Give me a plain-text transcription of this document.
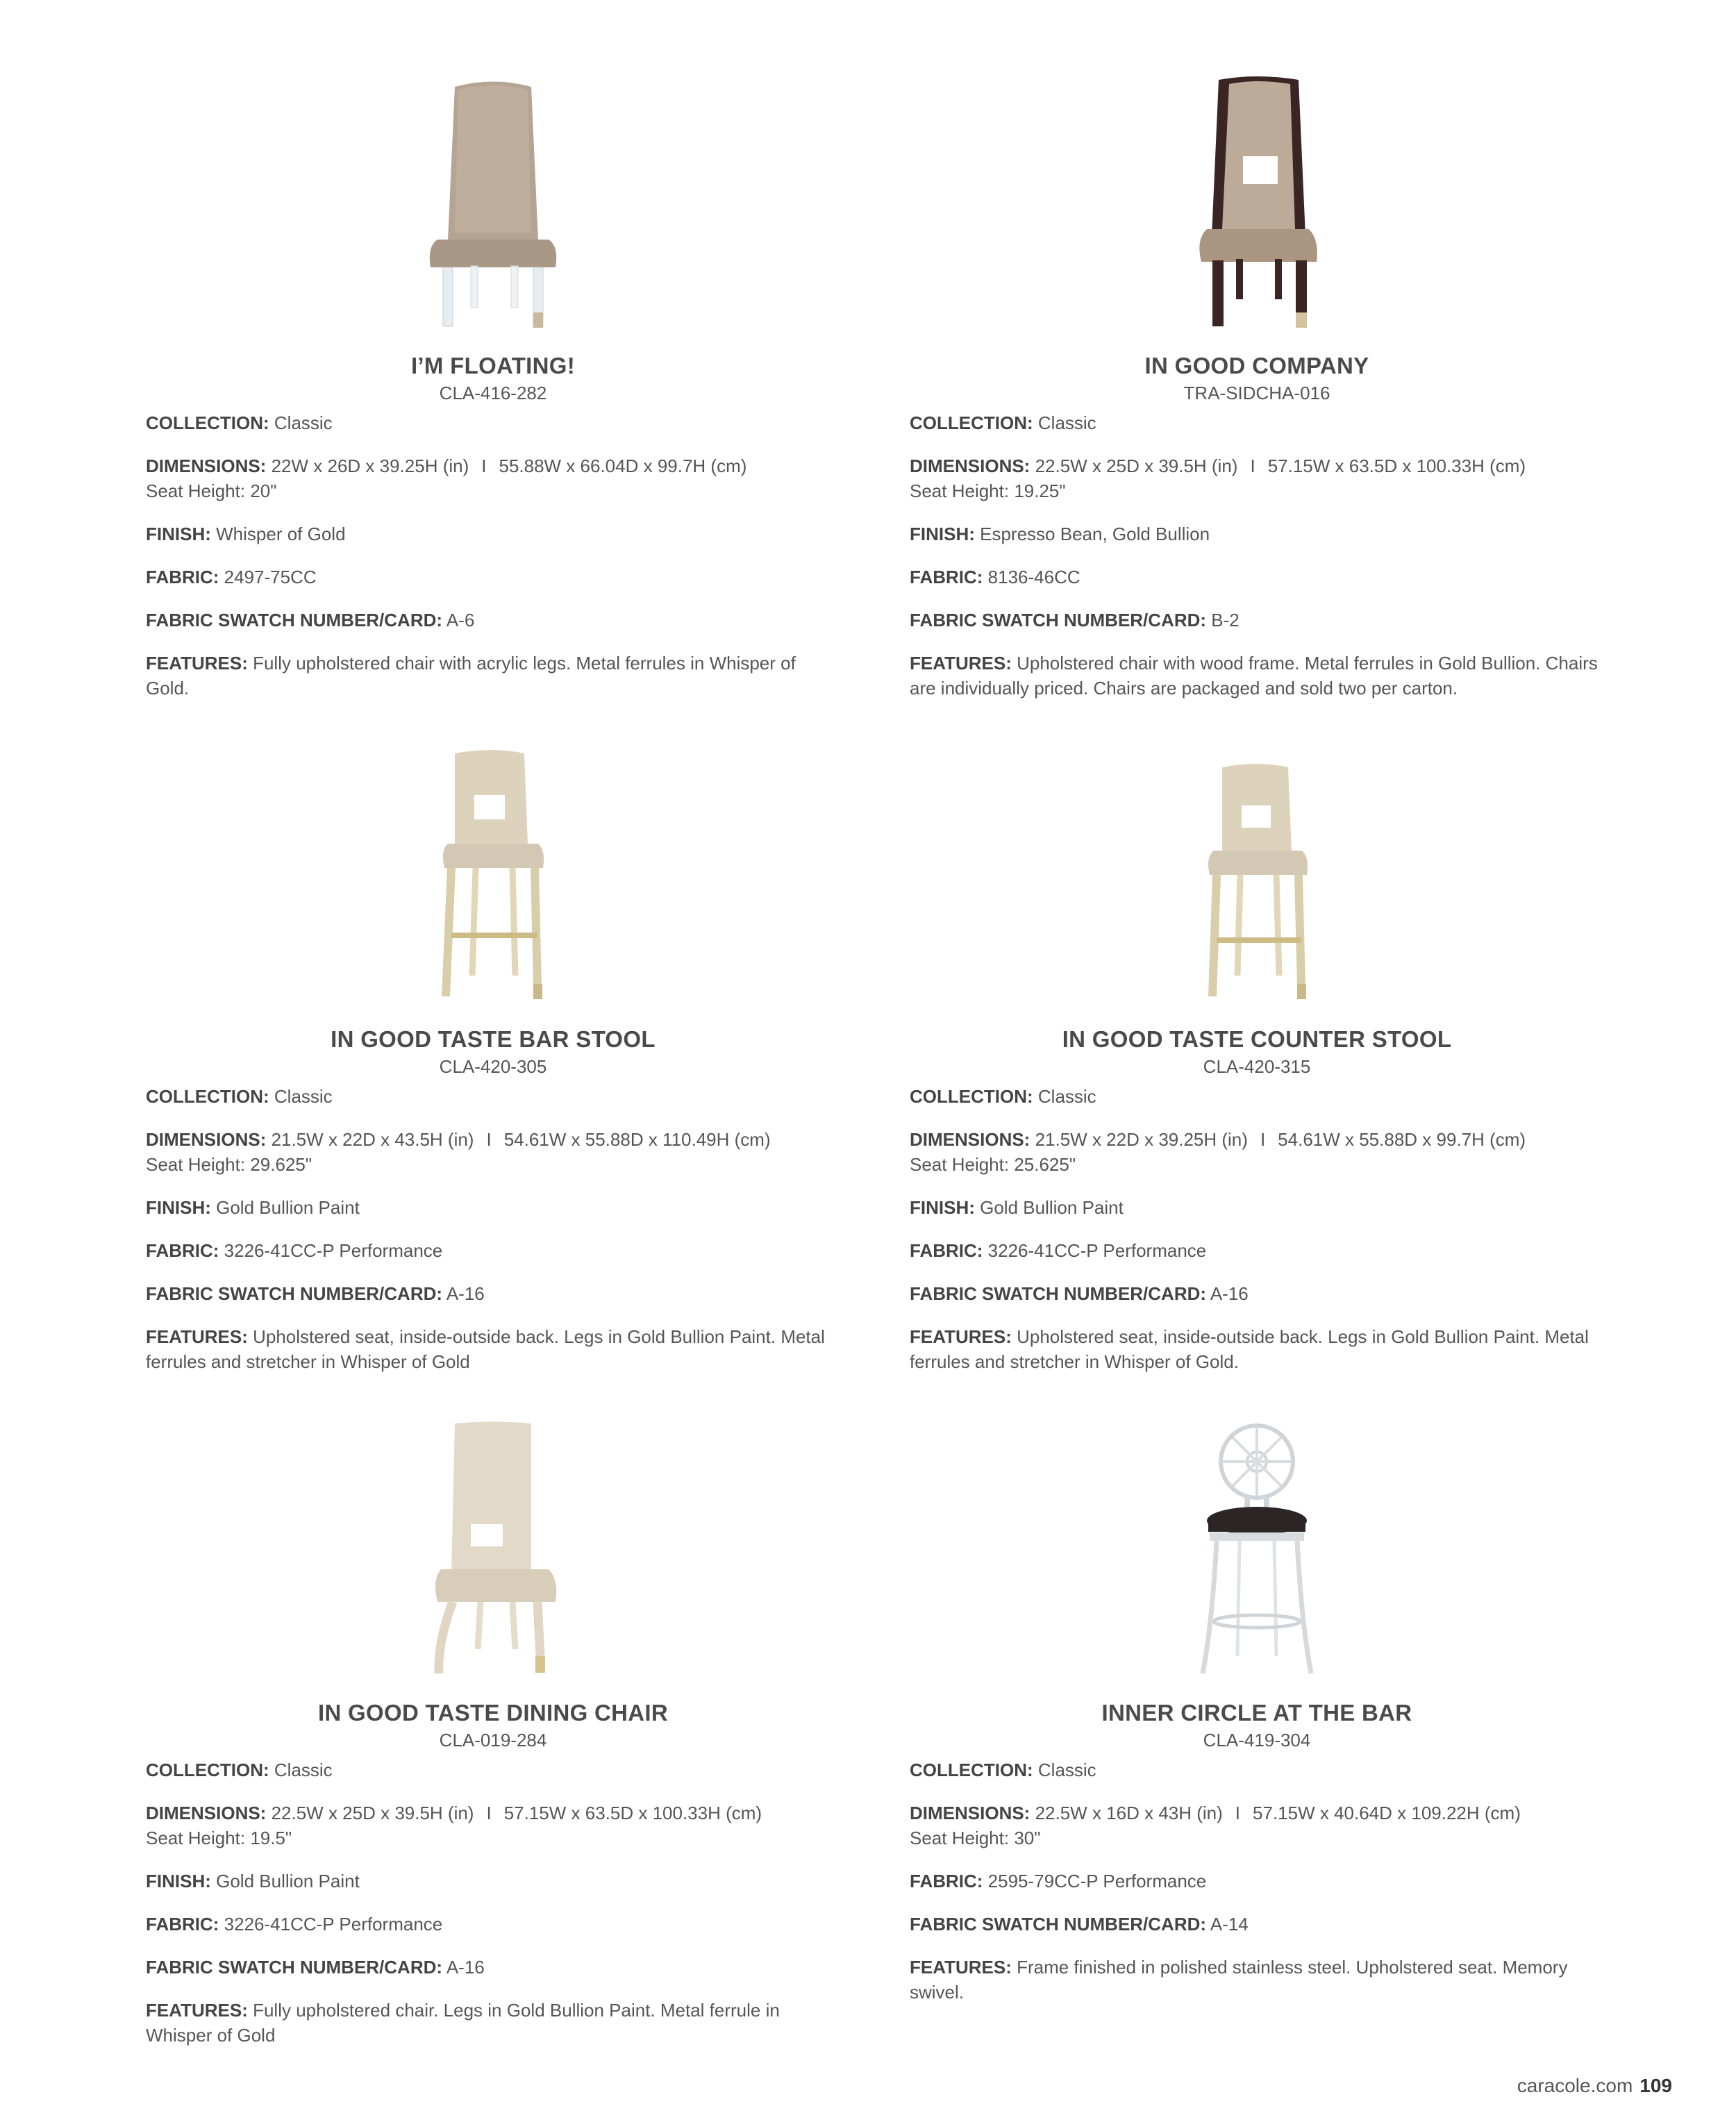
I’M FLOATING!
CLA-416-282
COLLECTION: Classic
DIMENSIONS: 22W x 26D x 39.25H (in) I 55.88W x 66.04D x 99.7H (cm)
Seat Height: 20"
FINISH: Whisper of Gold
FABRIC: 2497-75CC
FABRIC SWATCH NUMBER/CARD: A-6
FEATURES: Fully upholstered chair with acrylic legs. Metal ferrules in Whisper of Gold.
IN GOOD COMPANY
TRA-SIDCHA-016
COLLECTION: Classic
DIMENSIONS: 22.5W x 25D x 39.5H (in) I 57.15W x 63.5D x 100.33H (cm)
Seat Height: 19.25"
FINISH: Espresso Bean, Gold Bullion
FABRIC: 8136-46CC
FABRIC SWATCH NUMBER/CARD: B-2
FEATURES: Upholstered chair with wood frame. Metal ferrules in Gold Bullion. Chairs are individually priced. Chairs are packaged and sold two per carton.
IN GOOD TASTE BAR STOOL
CLA-420-305
COLLECTION: Classic
DIMENSIONS: 21.5W x 22D x 43.5H (in) I 54.61W x 55.88D x 110.49H (cm)
Seat Height: 29.625"
FINISH: Gold Bullion Paint
FABRIC: 3226-41CC-P Performance
FABRIC SWATCH NUMBER/CARD: A-16
FEATURES: Upholstered seat, inside-outside back. Legs in Gold Bullion Paint. Metal ferrules and stretcher in Whisper of Gold
IN GOOD TASTE COUNTER STOOL
CLA-420-315
COLLECTION: Classic
DIMENSIONS: 21.5W x 22D x 39.25H (in) I 54.61W x 55.88D x 99.7H (cm)
Seat Height: 25.625"
FINISH: Gold Bullion Paint
FABRIC: 3226-41CC-P Performance
FABRIC SWATCH NUMBER/CARD: A-16
FEATURES: Upholstered seat, inside-outside back. Legs in Gold Bullion Paint. Metal ferrules and stretcher in Whisper of Gold.
IN GOOD TASTE DINING CHAIR
CLA-019-284
COLLECTION: Classic
DIMENSIONS: 22.5W x 25D x 39.5H (in) I 57.15W x 63.5D x 100.33H (cm)
Seat Height: 19.5"
FINISH: Gold Bullion Paint
FABRIC: 3226-41CC-P Performance
FABRIC SWATCH NUMBER/CARD: A-16
FEATURES: Fully upholstered chair. Legs in Gold Bullion Paint. Metal ferrule in Whisper of Gold
INNER CIRCLE AT THE BAR
CLA-419-304
COLLECTION: Classic
DIMENSIONS: 22.5W x 16D x 43H (in) I 57.15W x 40.64D x 109.22H (cm)
Seat Height: 30"
FABRIC: 2595-79CC-P Performance
FABRIC SWATCH NUMBER/CARD: A-14
FEATURES: Frame finished in polished stainless steel. Upholstered seat. Memory swivel.
caracole.com 109
